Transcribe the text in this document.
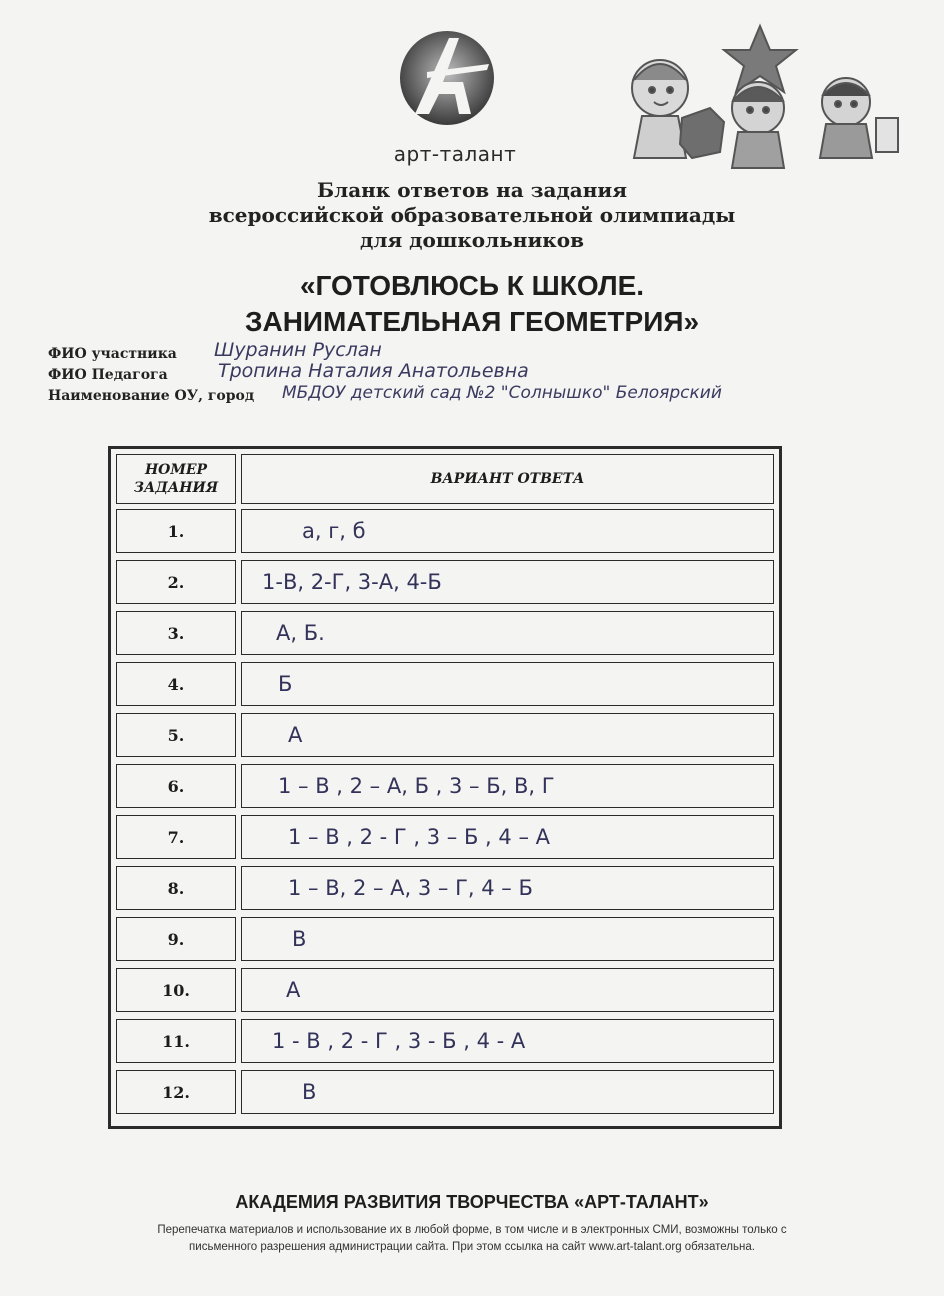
арт-талант
Бланк ответов на задания
всероссийской образовательной олимпиады
для дошкольников
«ГОТОВЛЮСЬ К ШКОЛЕ.
ЗАНИМАТЕЛЬНАЯ ГЕОМЕТРИЯ»
ФИО участника Шуранин Руслан
ФИО Педагога	Тропина Наталия Анатольевна
Наименование ОУ, город МБДОУ детский сад №2 "Солнышко" Белоярский
НОМЕР
ЗАДАНИЯ
ВАРИАНТ ОТВЕТА
1.	а, г, б
2.	1-В, 2-Г, 3-А, 4-Б
3.	А, Б.
4.	Б
5.	А
6.	1 – В , 2 – А, Б , 3 – Б, В, Г
7.	1 – В , 2 - Г , 3 – Б , 4 – А
8.	1 – В, 2 – А, 3 – Г, 4 – Б
9.	В
10.	А
11.	1 - В , 2 - Г , 3 - Б , 4 - А
12.	В
АКАДЕМИЯ РАЗВИТИЯ ТВОРЧЕСТВА «АРТ-ТАЛАНТ»
Перепечатка материалов и использование их в любой форме, в том числе и в электронных СМИ, возможны только с
письменного разрешения администрации сайта. При этом ссылка на сайт www.art-talant.org обязательна.
